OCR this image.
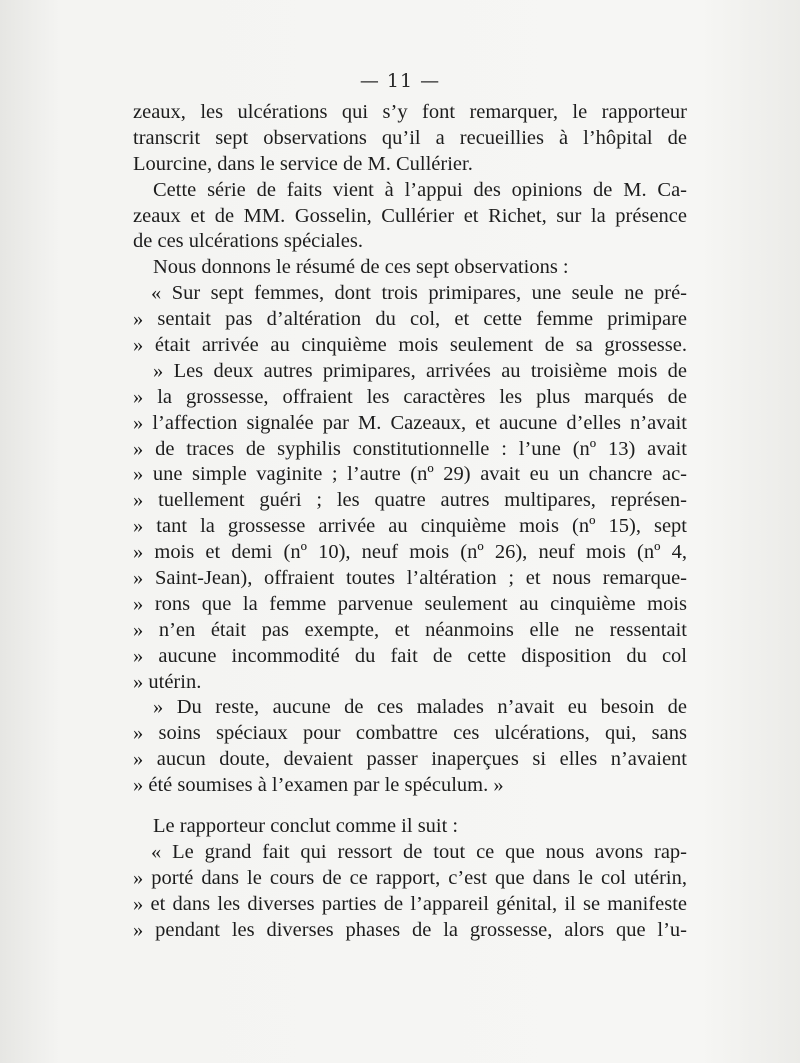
— 11 —
zeaux, les ulcérations qui s’y font remarquer, le rapporteur
transcrit sept observations qu’il a recueillies à l’hôpital de
Lourcine, dans le service de M. Cullérier.
Cette série de faits vient à l’appui des opinions de M. Ca-
zeaux et de MM. Gosselin, Cullérier et Richet, sur la présence
de ces ulcérations spéciales.
Nous donnons le résumé de ces sept observations :
« Sur sept femmes, dont trois primipares, une seule ne pré-
» sentait pas d’altération du col, et cette femme primipare
» était arrivée au cinquième mois seulement de sa grossesse.
» Les deux autres primipares, arrivées au troisième mois de
» la grossesse, offraient les caractères les plus marqués de
» l’affection signalée par M. Cazeaux, et aucune d’elles n’avait
» de traces de syphilis constitutionnelle : l’une (nº 13) avait
» une simple vaginite ; l’autre (nº 29) avait eu un chancre ac-
» tuellement guéri ; les quatre autres multipares, représen-
» tant la grossesse arrivée au cinquième mois (nº 15), sept
» mois et demi (nº 10), neuf mois (nº 26), neuf mois (nº 4,
» Saint-Jean), offraient toutes l’altération ; et nous remarque-
» rons que la femme parvenue seulement au cinquième mois
» n’en était pas exempte, et néanmoins elle ne ressentait
» aucune incommodité du fait de cette disposition du col
» utérin.
» Du reste, aucune de ces malades n’avait eu besoin de
» soins spéciaux pour combattre ces ulcérations, qui, sans
» aucun doute, devaient passer inaperçues si elles n’avaient
» été soumises à l’examen par le spéculum. »
Le rapporteur conclut comme il suit :
« Le grand fait qui ressort de tout ce que nous avons rap-
» porté dans le cours de ce rapport, c’est que dans le col utérin,
» et dans les diverses parties de l’appareil génital, il se manifeste
» pendant les diverses phases de la grossesse, alors que l’u-
